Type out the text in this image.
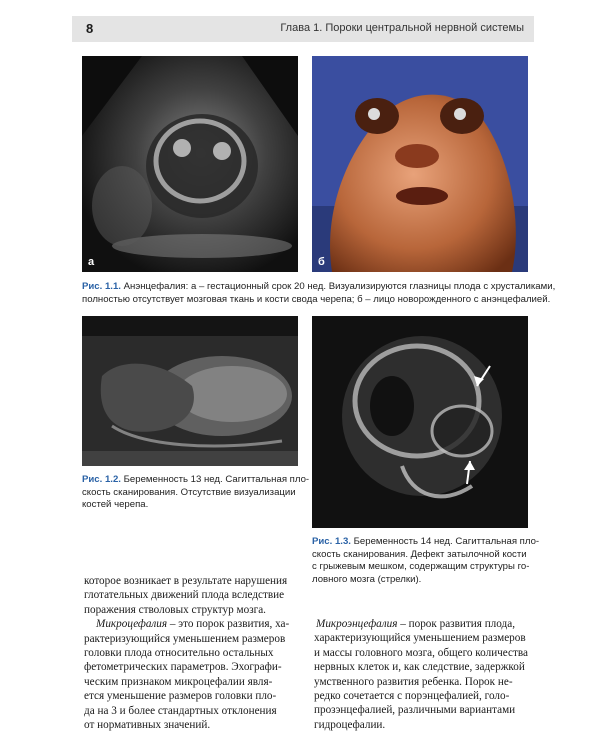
8	Глава 1. Пороки центральной нервной системы
а	б
Рис. 1.1. Анэнцефалия: а – гестационный срок 20 нед. Визуализируются глазницы плода с хрусталиками,
полностью отсутствует мозговая ткань и кости свода черепа; б – лицо новорожденного с анэнцефалией.
Рис. 1.2. Беременность 13 нед. Сагиттальная пло-
скость сканирования. Отсутствие визуализации
костей черепа.
Рис. 1.3. Беременность 14 нед. Сагиттальная пло-
скость сканирования. Дефект затылочной кости
с грыжевым мешком, содержащим структуры го-
ловного мозга (стрелки).
которое возникает в результате нарушения
глотательных движений плода вследствие
поражения стволовых структур мозга.
Микроцефалия – это порок развития, ха-
рактеризующийся уменьшением размеров
головки плода относительно остальных
фетометрических параметров. Эхографи-
ческим признаком микроцефалии явля-
ется уменьшение размеров головки пло-
да на 3 и более стандартных отклонения
от нормативных значений.
Микроэнцефалия – порок развития плода,
характеризующийся уменьшением размеров
и массы головного мозга, общего количества
нервных клеток и, как следствие, задержкой
умственного развития ребенка. Порок не-
редко сочетается с порэнцефалией, голо-
прозэнцефалией, различными вариантами
гидроцефалии.
